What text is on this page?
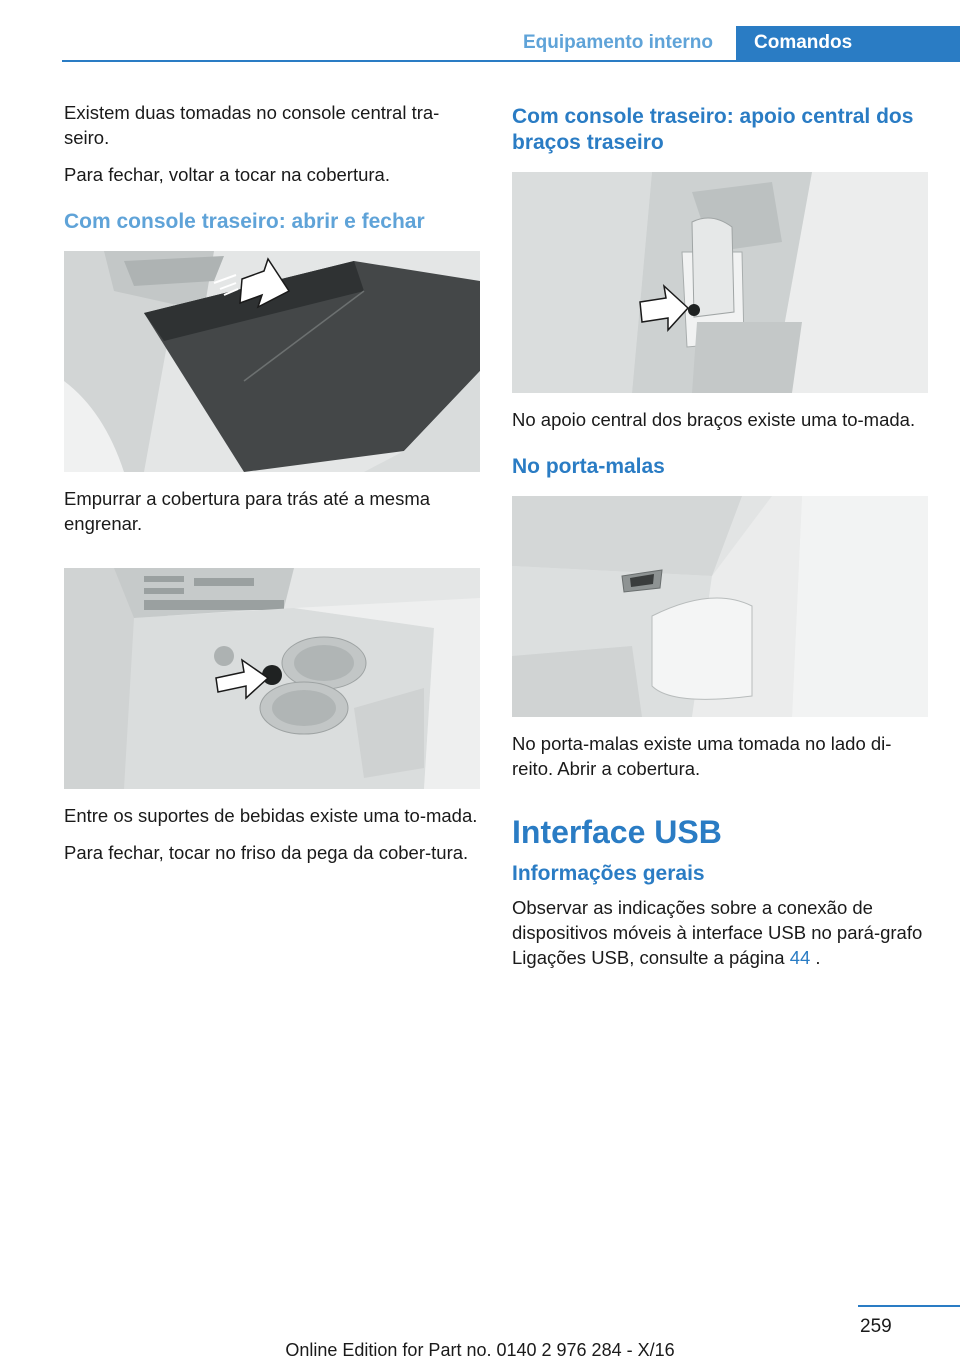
Equipamento interno	Comandos

Existem duas tomadas no console central tra-seiro.

Para fechar, voltar a tocar na cobertura.

Com console traseiro: abrir e fechar

Empurrar a cobertura para trás até a mesma engrenar.

Entre os suportes de bebidas existe uma to-mada.

Para fechar, tocar no friso da pega da cober-tura.

Com console traseiro: apoio central dos braços traseiro

No apoio central dos braços existe uma to-mada.

No porta-malas

No porta-malas existe uma tomada no lado di-reito. Abrir a cobertura.

Interface USB
Informações gerais

Observar as indicações sobre a conexão de dispositivos móveis à interface USB no pará-grafo Ligações USB, consulte a página 44 .

259
Online Edition for Part no. 0140 2 976 284 - X/16
